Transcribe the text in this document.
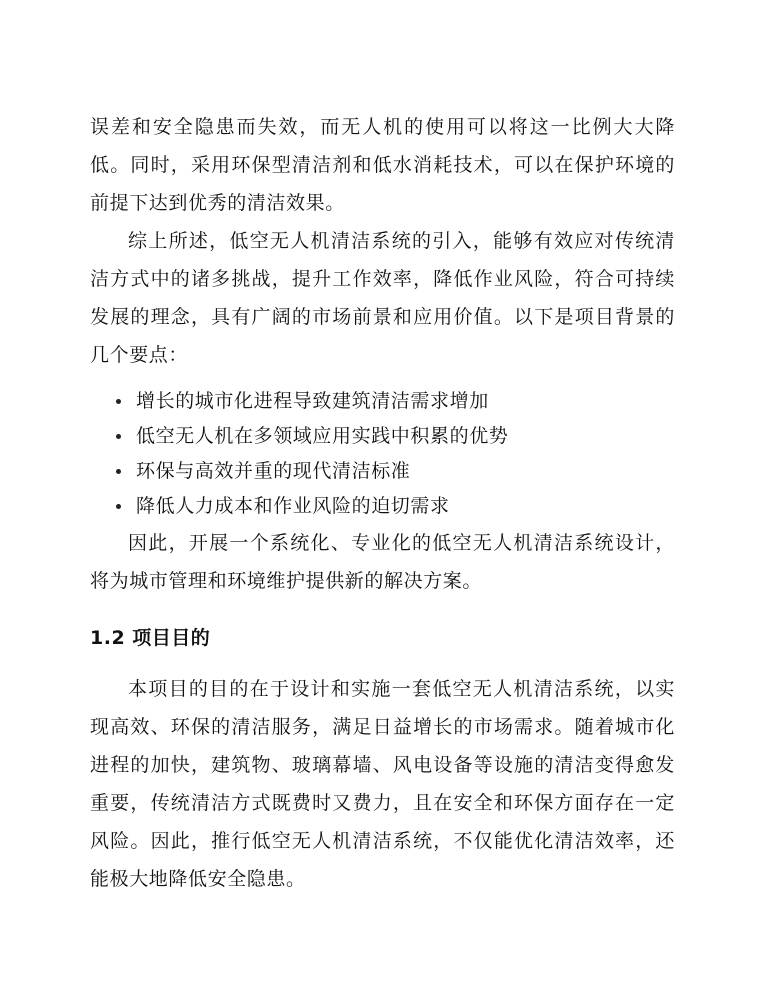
误差和安全隐患而失效，而无人机的使用可以将这一比例大大降低。同时，采用环保型清洁剂和低水消耗技术，可以在保护环境的前提下达到优秀的清洁效果。

综上所述，低空无人机清洁系统的引入，能够有效应对传统清洁方式中的诸多挑战，提升工作效率，降低作业风险，符合可持续发展的理念，具有广阔的市场前景和应用价值。以下是项目背景的几个要点：

增长的城市化进程导致建筑清洁需求增加
低空无人机在多领域应用实践中积累的优势
环保与高效并重的现代清洁标准
降低人力成本和作业风险的迫切需求

因此，开展一个系统化、专业化的低空无人机清洁系统设计，将为城市管理和环境维护提供新的解决方案。

1.2 项目目的

本项目的目的在于设计和实施一套低空无人机清洁系统，以实现高效、环保的清洁服务，满足日益增长的市场需求。随着城市化进程的加快，建筑物、玻璃幕墙、风电设备等设施的清洁变得愈发重要，传统清洁方式既费时又费力，且在安全和环保方面存在一定风险。因此，推行低空无人机清洁系统，不仅能优化清洁效率，还能极大地降低安全隐患。
